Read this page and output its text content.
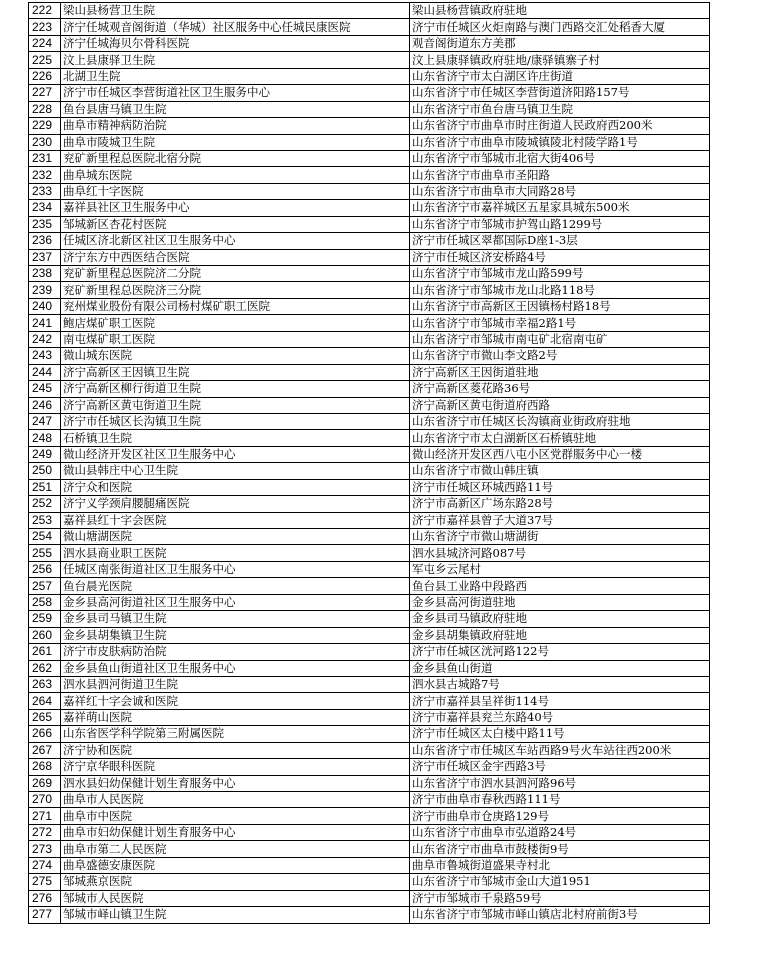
222	梁山县杨营卫生院	梁山县杨营镇政府驻地
223	济宁任城观音阁街道（华城）社区服务中心任城民康医院	济宁市任城区火炬南路与澳门西路交汇处稻香大厦
224	济宁任城海贝尔骨科医院	观音阁街道东方美郡
225	汶上县康驿卫生院	汶上县康驿镇政府驻地/康驿镇寨子村
226	北湖卫生院	山东省济宁市太白湖区许庄街道
227	济宁市任城区李营街道社区卫生服务中心	山东省济宁市任城区李营街道济阳路157号
228	鱼台县唐马镇卫生院	山东省济宁市鱼台唐马镇卫生院
229	曲阜市精神病防治院	山东省济宁市曲阜市时庄街道人民政府西200米
230	曲阜市陵城卫生院	山东省济宁市曲阜市陵城镇陵北村陵学路1号
231	兖矿新里程总医院北宿分院	山东省济宁市邹城市北宿大街406号
232	曲阜城东医院	山东省济宁市曲阜市圣阳路
233	曲阜红十字医院	山东省济宁市曲阜市大同路28号
234	嘉祥县社区卫生服务中心	山东省济宁市嘉祥城区五星家具城东500米
235	邹城新区杏花村医院	山东省济宁市邹城市护驾山路1299号
236	任城区济北新区社区卫生服务中心	济宁市任城区翠都国际D座1-3层
237	济宁东方中西医结合医院	济宁市任城区济安桥路4号
238	兖矿新里程总医院济二分院	山东省济宁市邹城市龙山路599号
239	兖矿新里程总医院济三分院	山东省济宁市邹城市龙山北路118号
240	兖州煤业股份有限公司杨村煤矿职工医院	山东省济宁市高新区王因镇杨村路18号
241	鲍店煤矿职工医院	山东省济宁市邹城市幸福2路1号
242	南屯煤矿职工医院	山东省济宁市邹城市南屯矿北宿南屯矿
243	微山城东医院	山东省济宁市微山李文路2号
244	济宁高新区王因镇卫生院	济宁高新区王因街道驻地
245	济宁高新区柳行街道卫生院	济宁高新区菱花路36号
246	济宁高新区黄屯街道卫生院	济宁高新区黄屯街道府西路
247	济宁市任城区长沟镇卫生院	山东省济宁市任城区长沟镇商业街政府驻地
248	石桥镇卫生院	山东省济宁市太白湖新区石桥镇驻地
249	微山经济开发区社区卫生服务中心	微山经济开发区西八屯小区党群服务中心一楼
250	微山县韩庄中心卫生院	山东省济宁市微山韩庄镇
251	济宁众和医院	济宁市任城区环城西路11号
252	济宁义学颈肩腰腿痛医院	济宁市高新区广场东路28号
253	嘉祥县红十字会医院	济宁市嘉祥县曾子大道37号
254	微山塘湖医院	山东省济宁市微山塘湖街
255	泗水县商业职工医院	泗水县城济河路087号
256	任城区南张街道社区卫生服务中心	军屯乡云尾村
257	鱼台晨光医院	鱼台县工业路中段路西
258	金乡县高河街道社区卫生服务中心	金乡县高河街道驻地
259	金乡县司马镇卫生院	金乡县司马镇政府驻地
260	金乡县胡集镇卫生院	金乡县胡集镇政府驻地
261	济宁市皮肤病防治院	济宁市任城区洸河路122号
262	金乡县鱼山街道社区卫生服务中心	金乡县鱼山街道
263	泗水县泗河街道卫生院	泗水县古城路7号
264	嘉祥红十字会诚和医院	济宁市嘉祥县呈祥街114号
265	嘉祥萌山医院	济宁市嘉祥县兖兰东路40号
266	山东省医学科学院第三附属医院	济宁市任城区太白楼中路11号
267	济宁协和医院	山东省济宁市任城区车站西路9号火车站往西200米
268	济宁京华眼科医院	济宁市任城区金宇西路3号
269	泗水县妇幼保健计划生育服务中心	山东省济宁市泗水县泗河路96号
270	曲阜市人民医院	济宁市曲阜市春秋西路111号
271	曲阜市中医院	济宁市曲阜市仓庚路129号
272	曲阜市妇幼保健计划生育服务中心	山东省济宁市曲阜市弘道路24号
273	曲阜市第二人民医院	山东省济宁市曲阜市鼓楼街9号
274	曲阜盛德安康医院	曲阜市鲁城街道盛果寺村北
275	邹城燕京医院	山东省济宁市邹城市金山大道1951
276	邹城市人民医院	济宁市邹城市千泉路59号
277	邹城市峄山镇卫生院	山东省济宁市邹城市峄山镇店北村府前街3号
